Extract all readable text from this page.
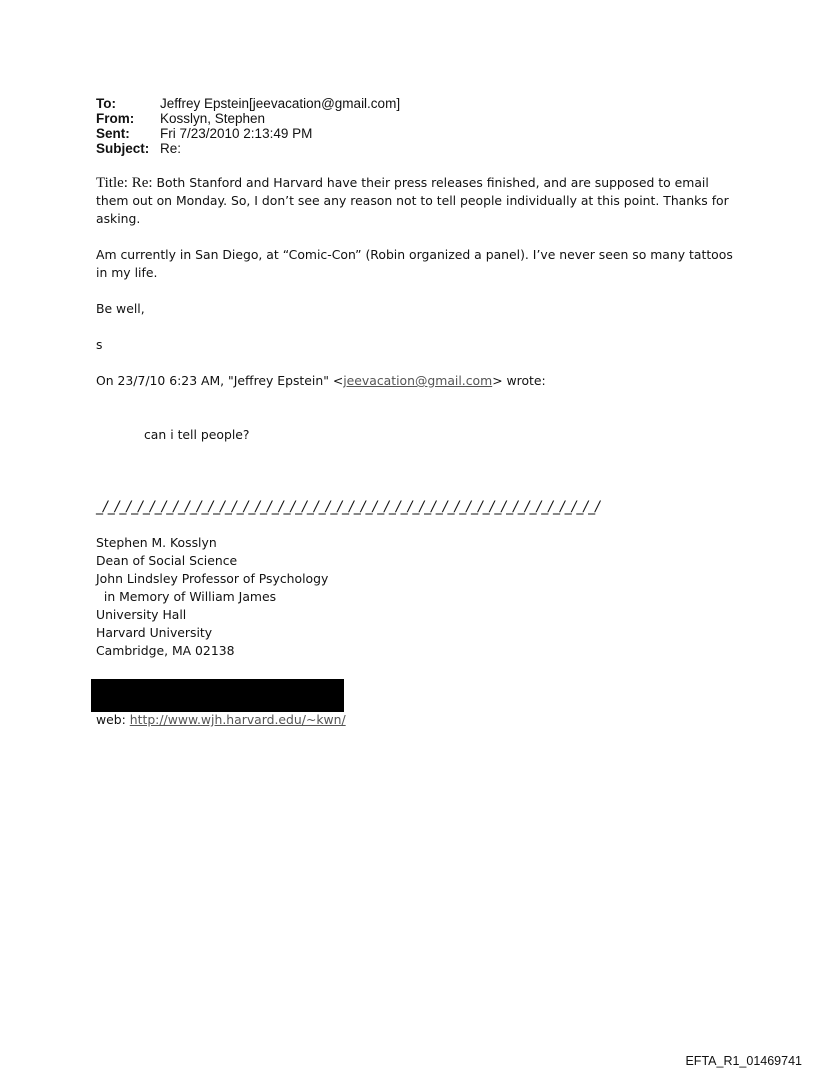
To:	Jeffrey Epstein[jeevacation@gmail.com]
From:	Kosslyn, Stephen
Sent:	Fri 7/23/2010 2:13:49 PM
Subject: Re:

Title: Re: Both Stanford and Harvard have their press releases finished, and are supposed to email them out on Monday. So, I don’t see any reason not to tell people individually at this point. Thanks for asking.

Am currently in San Diego, at “Comic-Con” (Robin organized a panel). I’ve never seen so many tattoos in my life.

Be well,

s

On 23/7/10 6:23 AM, "Jeffrey Epstein" <jeevacation@gmail.com> wrote:

can i tell people?

_/_/_/_/_/_/_/_/_/_/_/_/_/_/_/_/_/_/_/_/_/_/_/_/_/_/_/_/_/_/_/_/_/_/_/_/_/_/_/_/_/_/_/

Stephen M. Kosslyn

Dean of Social Science

John Lindsley Professor of Psychology

in Memory of William James

University Hall

Harvard University

Cambridge, MA 02138

web: http://www.wjh.harvard.edu/~kwn/
EFTA_R1_01469741
